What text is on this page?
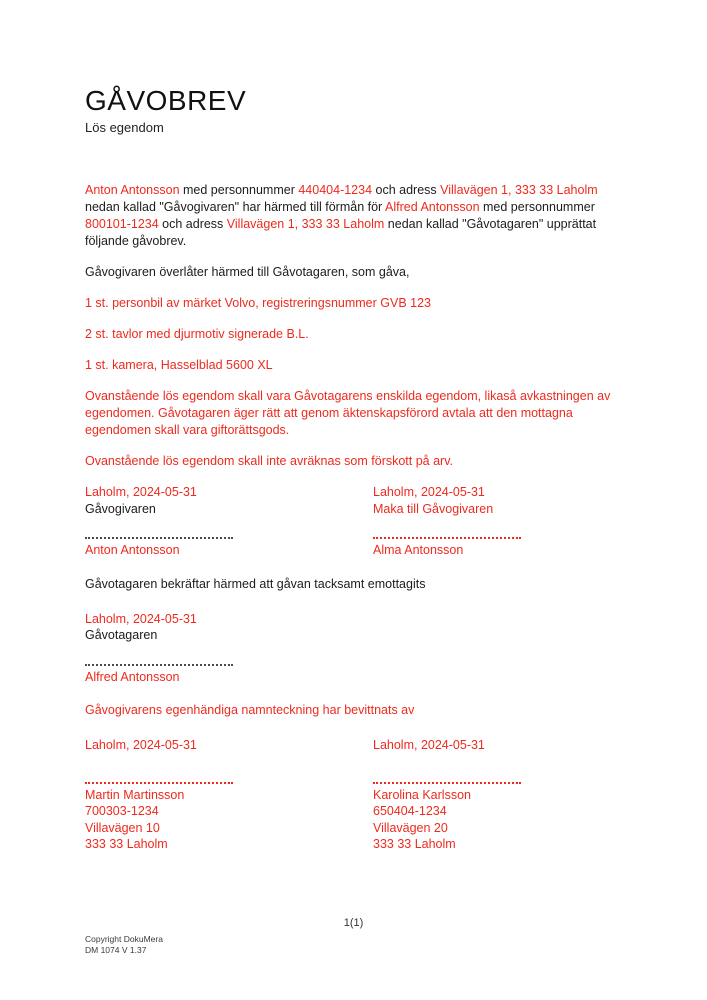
GÅVOBREV
Lös egendom

Anton Antonsson med personnummer 440404-1234 och adress Villavägen 1, 333 33 Laholm nedan kallad "Gåvogivaren" har härmed till förmån för Alfred Antonsson med personnummer 800101-1234 och adress Villavägen 1, 333 33 Laholm nedan kallad "Gåvotagaren" upprättat följande gåvobrev.

Gåvogivaren överlåter härmed till Gåvotagaren, som gåva,

1 st. personbil av märket Volvo, registreringsnummer GVB 123

2 st. tavlor med djurmotiv signerade B.L.

1 st. kamera, Hasselblad 5600 XL

Ovanstående lös egendom skall vara Gåvotagarens enskilda egendom, likaså avkastningen av egendomen. Gåvotagaren äger rätt att genom äktenskapsförord avtala att den mottagna egendomen skall vara giftorättsgods.

Ovanstående lös egendom skall inte avräknas som förskott på arv.

Laholm, 2024-05-31
Gåvogivaren
Anton Antonsson
Laholm, 2024-05-31
Maka till Gåvogivaren
Alma Antonsson

Gåvotagaren bekräftar härmed att gåvan tacksamt emottagits

Laholm, 2024-05-31
Gåvotagaren
Alfred Antonsson

Gåvogivarens egenhändiga namnteckning har bevittnats av

Laholm, 2024-05-31
Martin Martinsson
700303-1234
Villavägen 10
333 33 Laholm
Laholm, 2024-05-31
Karolina Karlsson
650404-1234
Villavägen 20
333 33 Laholm
1(1)
Copyright DokuMera
DM 1074 V 1.37
